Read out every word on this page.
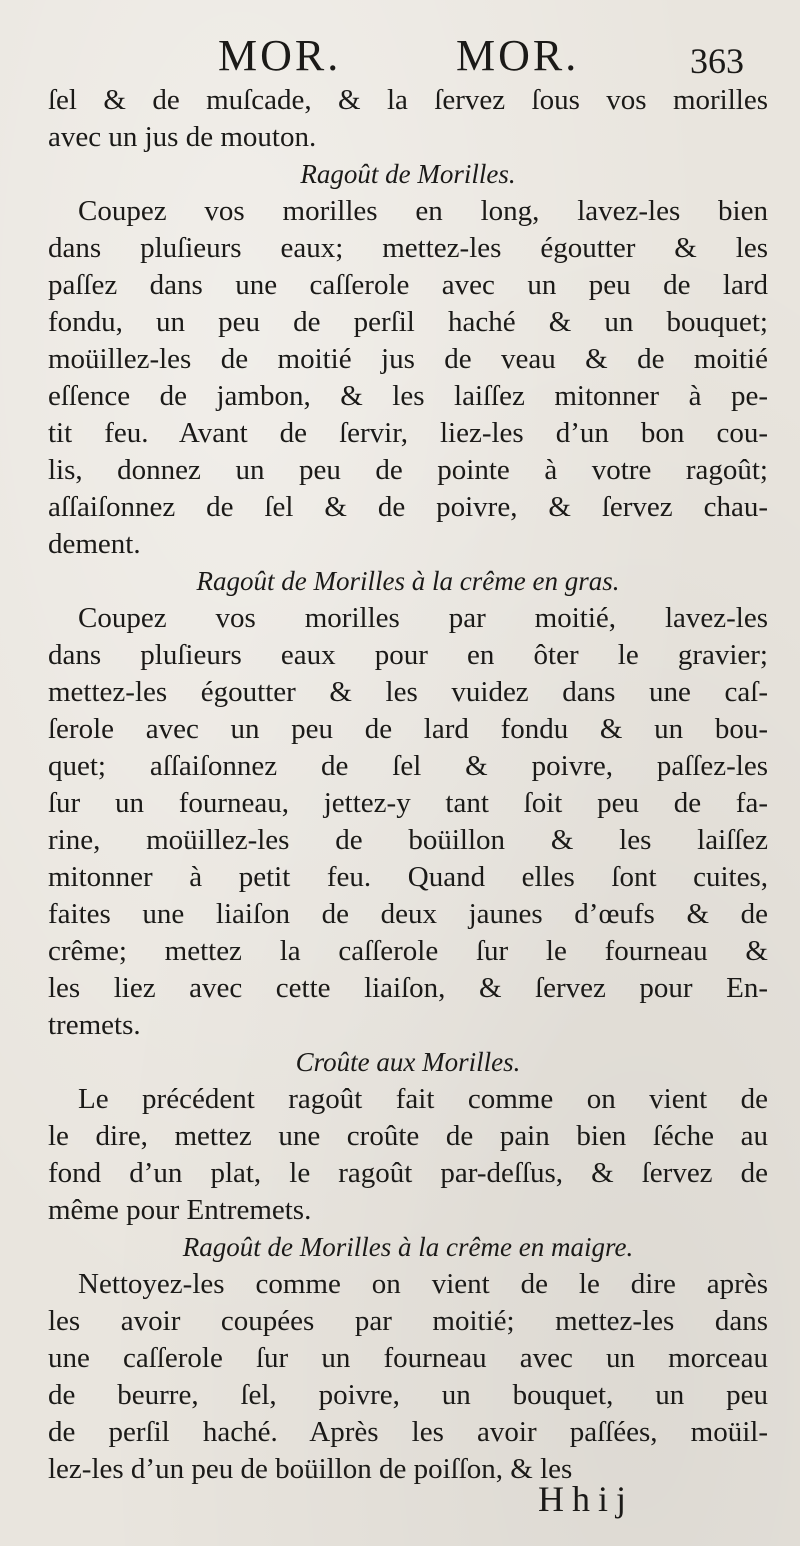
MOR.	MOR.	363
ſel & de muſcade, & la ſervez ſous vos morilles
avec un jus de mouton.
Ragoût de Morilles.
Coupez vos morilles en long, lavez-les bien
dans pluſieurs eaux; mettez-les égoutter & les
paſſez dans une caſſerole avec un peu de lard
fondu, un peu de perſil haché & un bouquet;
moüillez-les de moitié jus de veau & de moitié
eſſence de jambon, & les laiſſez mitonner à pe-
tit feu. Avant de ſervir, liez-les d’un bon cou-
lis, donnez un peu de pointe à votre ragoût;
aſſaiſonnez de ſel & de poivre, & ſervez chau-
dement.
Ragoût de Morilles à la crême en gras.
Coupez vos morilles par moitié, lavez-les
dans pluſieurs eaux pour en ôter le gravier;
mettez-les égoutter & les vuidez dans une caſ-
ſerole avec un peu de lard fondu & un bou-
quet; aſſaiſonnez de ſel & poivre, paſſez-les
ſur un fourneau, jettez-y tant ſoit peu de fa-
rine, moüillez-les de boüillon & les laiſſez
mitonner à petit feu. Quand elles ſont cuites,
faites une liaiſon de deux jaunes d’œufs & de
crême; mettez la caſſerole ſur le fourneau &
les liez avec cette liaiſon, & ſervez pour En-
tremets.
Croûte aux Morilles.
Le précédent ragoût fait comme on vient de
le dire, mettez une croûte de pain bien ſéche au
fond d’un plat, le ragoût par-deſſus, & ſervez de
même pour Entremets.
Ragoût de Morilles à la crême en maigre.
Nettoyez-les comme on vient de le dire après
les avoir coupées par moitié; mettez-les dans
une caſſerole ſur un fourneau avec un morceau
de beurre, ſel, poivre, un bouquet, un peu
de perſil haché. Après les avoir paſſées, moüil-
lez-les d’un peu de boüillon de poiſſon, & les
Hhij
